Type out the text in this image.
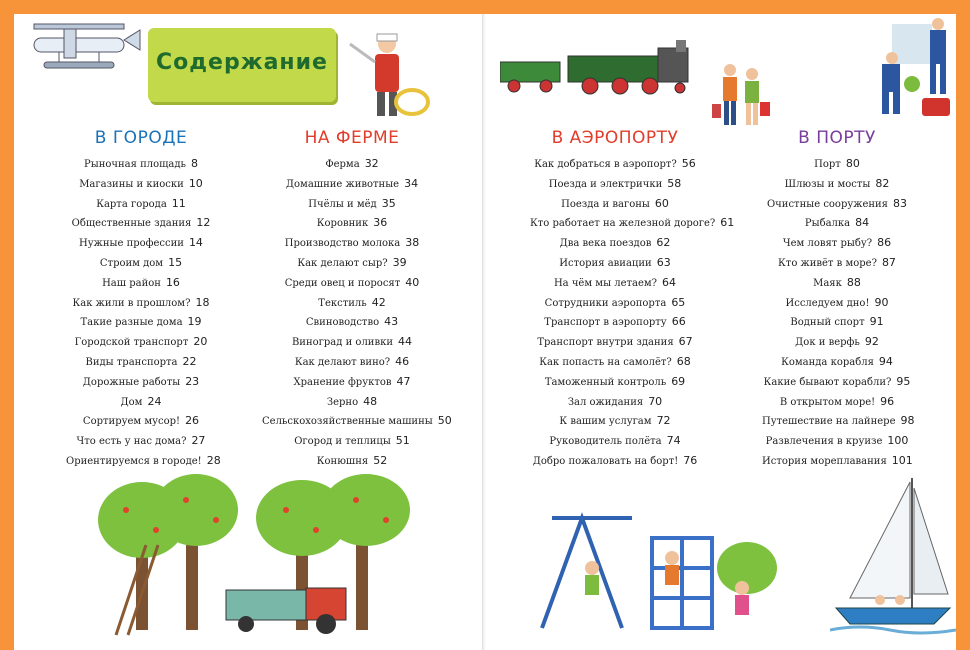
Содержание
В ГОРОДЕ
Рыночная площадь 8
Магазины и киоски 10
Карта города 11
Общественные здания 12
Нужные профессии 14
Строим дом 15
Наш район 16
Как жили в прошлом? 18
Такие разные дома 19
Городской транспорт 20
Виды транспорта 22
Дорожные работы 23
Дом 24
Сортируем мусор! 26
Что есть у нас дома? 27
Ориентируемся в городе! 28
НА ФЕРМЕ
Ферма 32
Домашние животные 34
Пчёлы и мёд 35
Коровник 36
Производство молока 38
Как делают сыр? 39
Среди овец и поросят 40
Текстиль 42
Свиноводство 43
Виноград и оливки 44
Как делают вино? 46
Хранение фруктов 47
Зерно 48
Сельскохозяйственные машины 50
Огород и теплицы 51
Конюшня 52
В АЭРОПОРТУ
Как добраться в аэропорт? 56
Поезда и электрички 58
Поезда и вагоны 60
Кто работает на железной дороге? 61
Два века поездов 62
История авиации 63
На чём мы летаем? 64
Сотрудники аэропорта 65
Транспорт в аэропорту 66
Транспорт внутри здания 67
Как попасть на самолёт? 68
Таможенный контроль 69
Зал ожидания 70
К вашим услугам 72
Руководитель полёта 74
Добро пожаловать на борт! 76
В ПОРТУ
Порт 80
Шлюзы и мосты 82
Очистные сооружения 83
Рыбалка 84
Чем ловят рыбу? 86
Кто живёт в море? 87
Маяк 88
Исследуем дно! 90
Водный спорт 91
Док и верфь 92
Команда корабля 94
Какие бывают корабли? 95
В открытом море! 96
Путешествие на лайнере 98
Развлечения в круизе 100
История мореплавания 101
